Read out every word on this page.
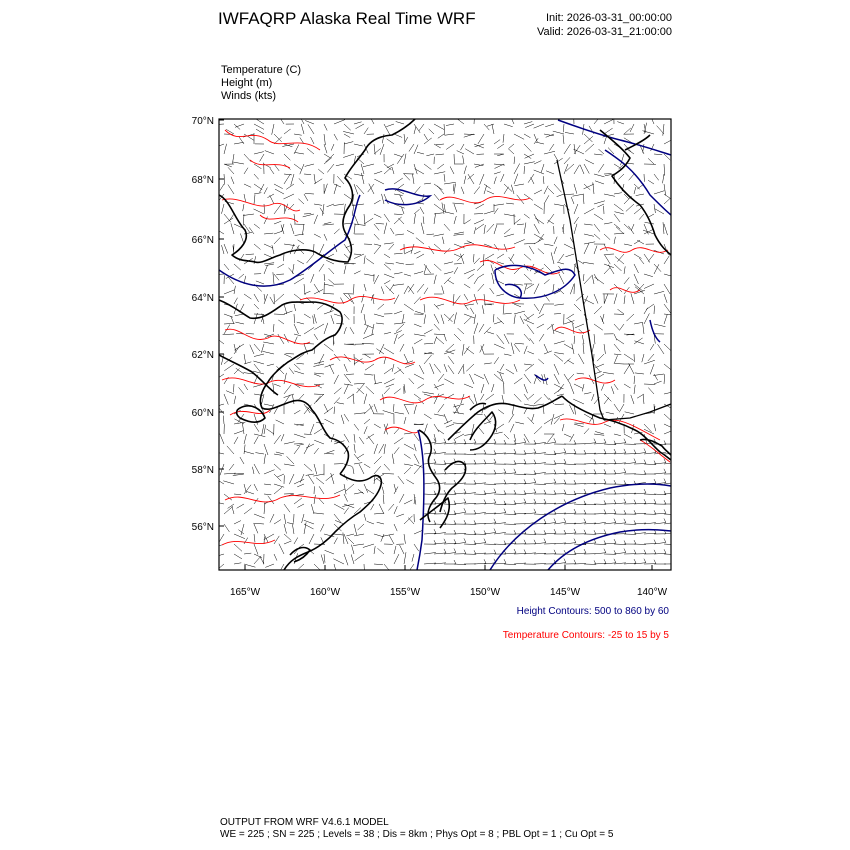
IWFAQRP Alaska Real Time WRF	Init: 2026-03-31_00:00:00
Valid: 2026-03-31_21:00:00
Temperature (C)
Height (m)
Winds (kts)
70°N
68°N
66°N
64°N
62°N
60°N
58°N
56°N
165°W	160°W	155°W	150°W	145°W	140°W
Height Contours: 500 to 860 by 60
Temperature Contours: -25 to 15 by 5
OUTPUT FROM WRF V4.6.1 MODEL
WE = 225 ; SN = 225 ; Levels = 38 ; Dis = 8km ; Phys Opt = 8 ; PBL Opt = 1 ; Cu Opt = 5
